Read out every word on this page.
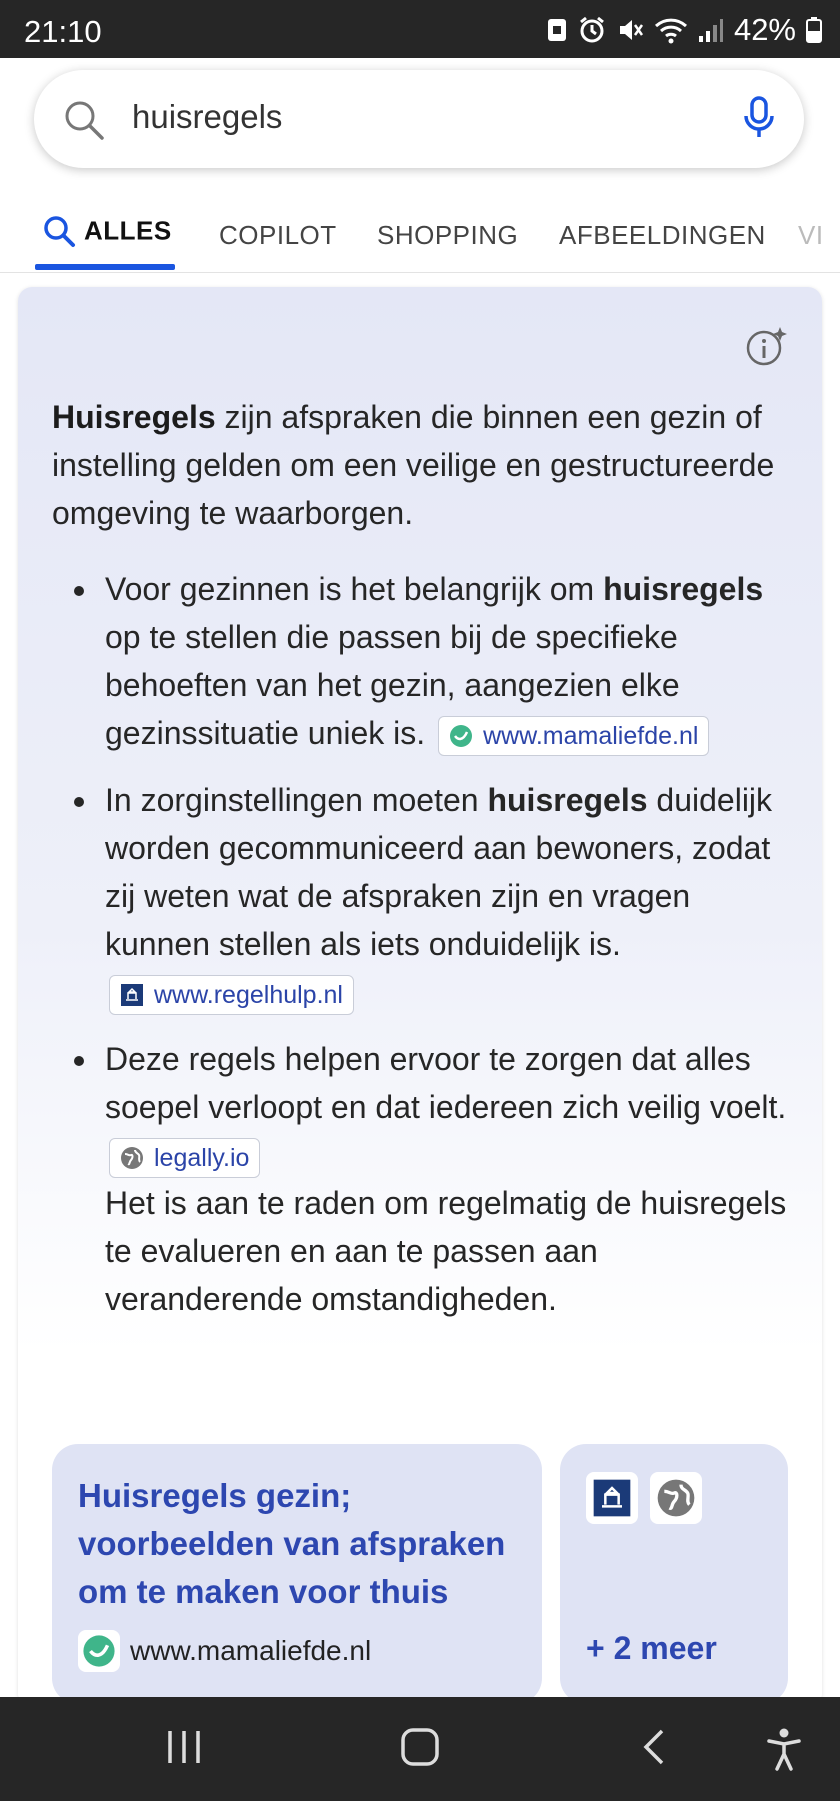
21:10	42%
huisregels
ALLES COPILOT SHOPPING AFBEELDINGEN VI
Huisregels zijn afspraken die binnen een gezin of instelling gelden om een veilige en gestructureerde omgeving te waarborgen.
Voor gezinnen is het belangrijk om huisregels op te stellen die passen bij de specifieke behoeften van het gezin, aangezien elke gezinssituatie uniek is. www.mamaliefde.nl
In zorginstellingen moeten huisregels duidelijk worden gecommuniceerd aan bewoners, zodat zij weten wat de afspraken zijn en vragen kunnen stellen als iets onduidelijk is.
www.regelhulp.nl
Deze regels helpen ervoor te zorgen dat alles soepel verloopt en dat iedereen zich veilig voelt.
legally.io

Het is aan te raden om regelmatig de huisregels te evalueren en aan te passen aan veranderende omstandigheden.
Huisregels gezin; voorbeelden van afspraken om te maken voor thuis
www.mamaliefde.nl	+ 2 meer
